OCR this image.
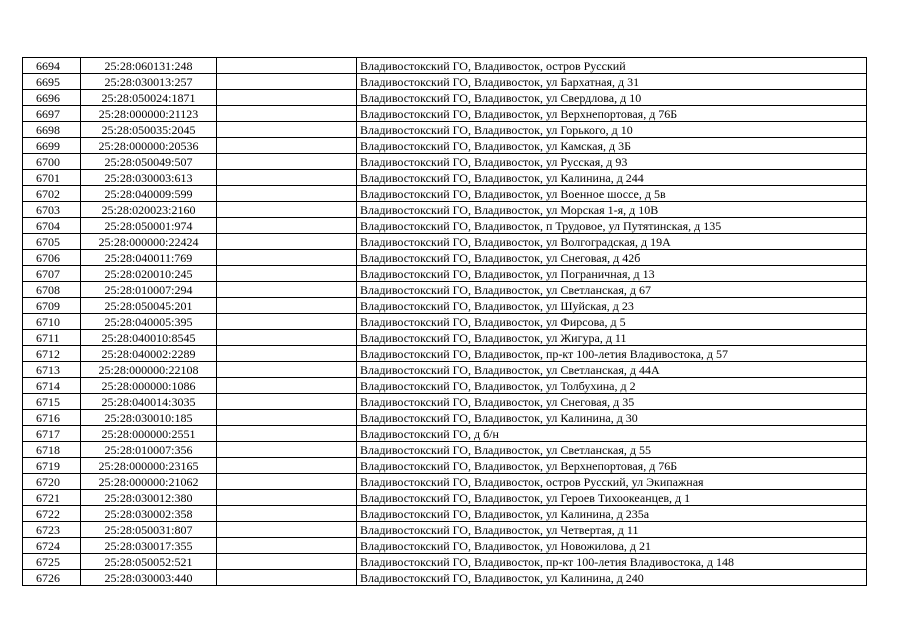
6694	25:28:060131:248		Владивостокский ГО, Владивосток, остров Русский
6695	25:28:030013:257		Владивостокский ГО, Владивосток, ул Бархатная, д 31
6696	25:28:050024:1871		Владивостокский ГО, Владивосток, ул Свердлова, д 10
6697	25:28:000000:21123		Владивостокский ГО, Владивосток, ул Верхнепортовая, д 76Б
6698	25:28:050035:2045		Владивостокский ГО, Владивосток, ул Горького, д 10
6699	25:28:000000:20536		Владивостокский ГО, Владивосток, ул Камская, д 3Б
6700	25:28:050049:507		Владивостокский ГО, Владивосток, ул Русская, д 93
6701	25:28:030003:613		Владивостокский ГО, Владивосток, ул Калинина, д 244
6702	25:28:040009:599		Владивостокский ГО, Владивосток, ул Военное шоссе, д 5в
6703	25:28:020023:2160		Владивостокский ГО, Владивосток, ул Морская 1-я, д 10В
6704	25:28:050001:974		Владивостокский ГО, Владивосток, п Трудовое, ул Путятинская, д 135
6705	25:28:000000:22424		Владивостокский ГО, Владивосток, ул Волгоградская, д 19А
6706	25:28:040011:769		Владивостокский ГО, Владивосток, ул Снеговая, д 42б
6707	25:28:020010:245		Владивостокский ГО, Владивосток, ул Пограничная, д 13
6708	25:28:010007:294		Владивостокский ГО, Владивосток, ул Светланская, д 67
6709	25:28:050045:201		Владивостокский ГО, Владивосток, ул Шуйская, д 23
6710	25:28:040005:395		Владивостокский ГО, Владивосток, ул Фирсова, д 5
6711	25:28:040010:8545		Владивостокский ГО, Владивосток, ул Жигура, д 11
6712	25:28:040002:2289		Владивостокский ГО, Владивосток, пр-кт 100-летия Владивостока, д 57
6713	25:28:000000:22108		Владивостокский ГО, Владивосток, ул Светланская, д 44А
6714	25:28:000000:1086		Владивостокский ГО, Владивосток, ул Толбухина, д 2
6715	25:28:040014:3035		Владивостокский ГО, Владивосток, ул Снеговая, д 35
6716	25:28:030010:185		Владивостокский ГО, Владивосток, ул Калинина, д 30
6717	25:28:000000:2551		Владивостокский ГО, д б/н
6718	25:28:010007:356		Владивостокский ГО, Владивосток, ул Светланская, д 55
6719	25:28:000000:23165		Владивостокский ГО, Владивосток, ул Верхнепортовая, д 76Б
6720	25:28:000000:21062		Владивостокский ГО, Владивосток, остров Русский, ул Экипажная
6721	25:28:030012:380		Владивостокский ГО, Владивосток, ул Героев Тихоокеанцев, д 1
6722	25:28:030002:358		Владивостокский ГО, Владивосток, ул Калинина, д 235а
6723	25:28:050031:807		Владивостокский ГО, Владивосток, ул Четвертая, д 11
6724	25:28:030017:355		Владивостокский ГО, Владивосток, ул Новожилова, д 21
6725	25:28:050052:521		Владивостокский ГО, Владивосток, пр-кт 100-летия Владивостока, д 148
6726	25:28:030003:440		Владивостокский ГО, Владивосток, ул Калинина, д 240
